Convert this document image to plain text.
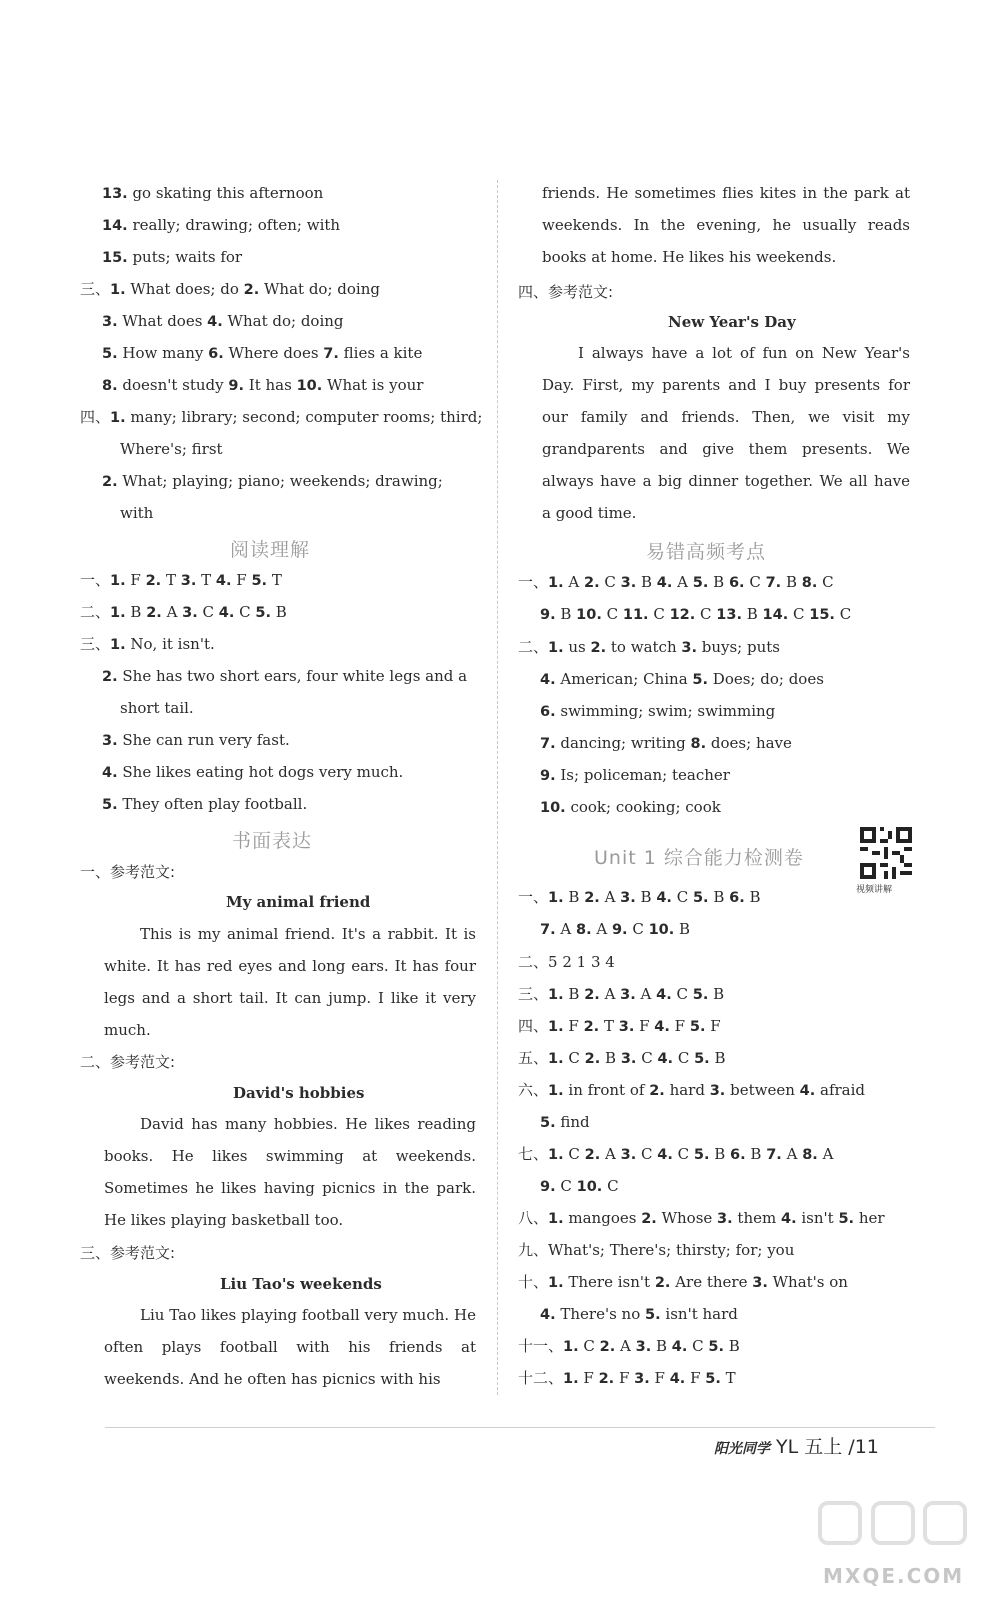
13. go skating this afternoon
14. really; drawing; often; with
15. puts; waits for
三、1. What does; do 2. What do; doing
3. What does 4. What do; doing
5. How many 6. Where does 7. flies a kite
8. doesn't study 9. It has 10. What is your
四、1. many; library; second; computer rooms; third;
Where's; first
2. What; playing; piano; weekends; drawing;
with
阅读理解
一、1. F 2. T 3. T 4. F 5. T
二、1. B 2. A 3. C 4. C 5. B
三、1. No, it isn't.
2. She has two short ears, four white legs and a
short tail.
3. She can run very fast.
4. She likes eating hot dogs very much.
5. They often play football.
书面表达
一、参考范文:
My animal friend
This is my animal friend. It's a rabbit. It is white. It has red eyes and long ears. It has four legs and a short tail. It can jump. I like it very much.
二、参考范文:
David's hobbies
David has many hobbies. He likes reading books. He likes swimming at weekends. Sometimes he likes having picnics in the park. He likes playing basketball too.
三、参考范文:
Liu Tao's weekends
Liu Tao likes playing football very much. He often plays football with his friends at weekends. And he often has picnics with his
friends. He sometimes flies kites in the park at weekends. In the evening, he usually reads books at home. He likes his weekends.
四、参考范文:
New Year's Day
I always have a lot of fun on New Year's Day. First, my parents and I buy presents for our family and friends. Then, we visit my grandparents and give them presents. We always have a big dinner together. We all have a good time.
易错高频考点
一、1. A 2. C 3. B 4. A 5. B 6. C 7. B 8. C
9. B 10. C 11. C 12. C 13. B 14. C 15. C
二、1. us 2. to watch 3. buys; puts
4. American; China 5. Does; do; does
6. swimming; swim; swimming
7. dancing; writing 8. does; have
9. Is; policeman; teacher
10. cook; cooking; cook
Unit 1 综合能力检测卷
一、1. B 2. A 3. B 4. C 5. B 6. B
7. A 8. A 9. C 10. B
二、5 2 1 3 4
三、1. B 2. A 3. A 4. C 5. B
四、1. F 2. T 3. F 4. F 5. F
五、1. C 2. B 3. C 4. C 5. B
六、1. in front of 2. hard 3. between 4. afraid
5. find
七、1. C 2. A 3. C 4. C 5. B 6. B 7. A 8. A
9. C 10. C
八、1. mangoes 2. Whose 3. them 4. isn't 5. her
九、What's; There's; thirsty; for; you
十、1. There isn't 2. Are there 3. What's on
4. There's no 5. isn't hard
十一、1. C 2. A 3. B 4. C 5. B
十二、1. F 2. F 3. F 4. F 5. T
视频讲解
阳光同学 YL 五上 /11
MXQE.COM
